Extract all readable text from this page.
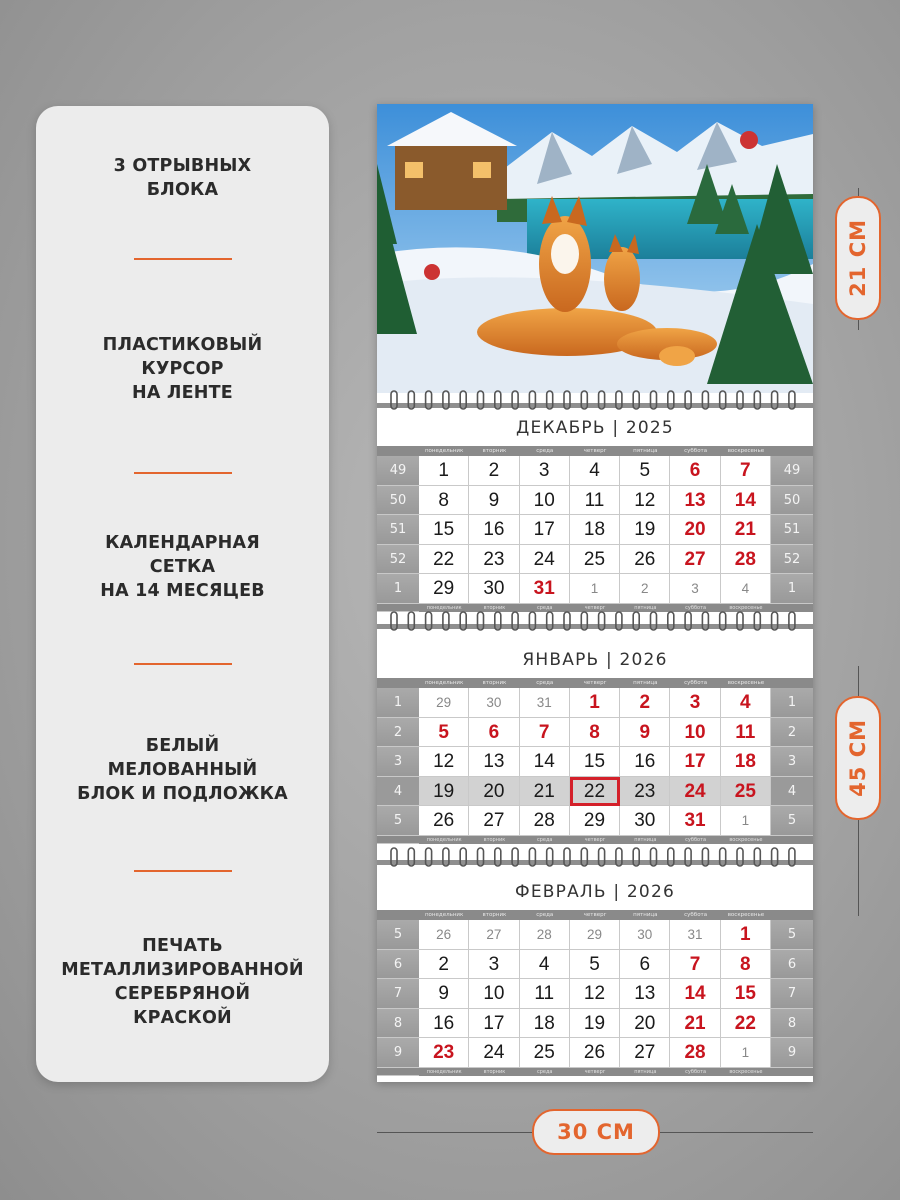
3 ОТРЫВНЫХ
БЛОКА
ПЛАСТИКОВЫЙ
КУРСОР
НА ЛЕНТЕ
КАЛЕНДАРНАЯ
СЕТКА
НА 14 МЕСЯЦЕВ
БЕЛЫЙ
МЕЛОВАННЫЙ
БЛОК И ПОДЛОЖКА
ПЕЧАТЬ
МЕТАЛЛИЗИРОВАННОЙ
СЕРЕБРЯНОЙ
КРАСКОЙ
ДЕКАБРЬ | 2025
понедельник	вторник	среда	четверг	пятница	суббота	воскресенье
49	1	2	3	4	5	6	7	49
50	8	9	10	11	12	13	14	50
51	15	16	17	18	19	20	21	51
52	22	23	24	25	26	27	28	52
1	29	30	31	1	2	3	4	1
понедельник	вторник	среда	четверг	пятница	суббота	воскресенье
ЯНВАРЬ | 2026
понедельник	вторник	среда	четверг	пятница	суббота	воскресенье
1	29	30	31	1	2	3	4	1
2	5	6	7	8	9	10	11	2
3	12	13	14	15	16	17	18	3
4	19	20	21	22	23	24	25	4
5	26	27	28	29	30	31	1	5
понедельник	вторник	среда	четверг	пятница	суббота	воскресенье
ФЕВРАЛЬ | 2026
понедельник	вторник	среда	четверг	пятница	суббота	воскресенье
5	26	27	28	29	30	31	1	5
6	2	3	4	5	6	7	8	6
7	9	10	11	12	13	14	15	7
8	16	17	18	19	20	21	22	8
9	23	24	25	26	27	28	1	9
понедельник	вторник	среда	четверг	пятница	суббота	воскресенье
21 СМ
45 СМ
30 СМ
